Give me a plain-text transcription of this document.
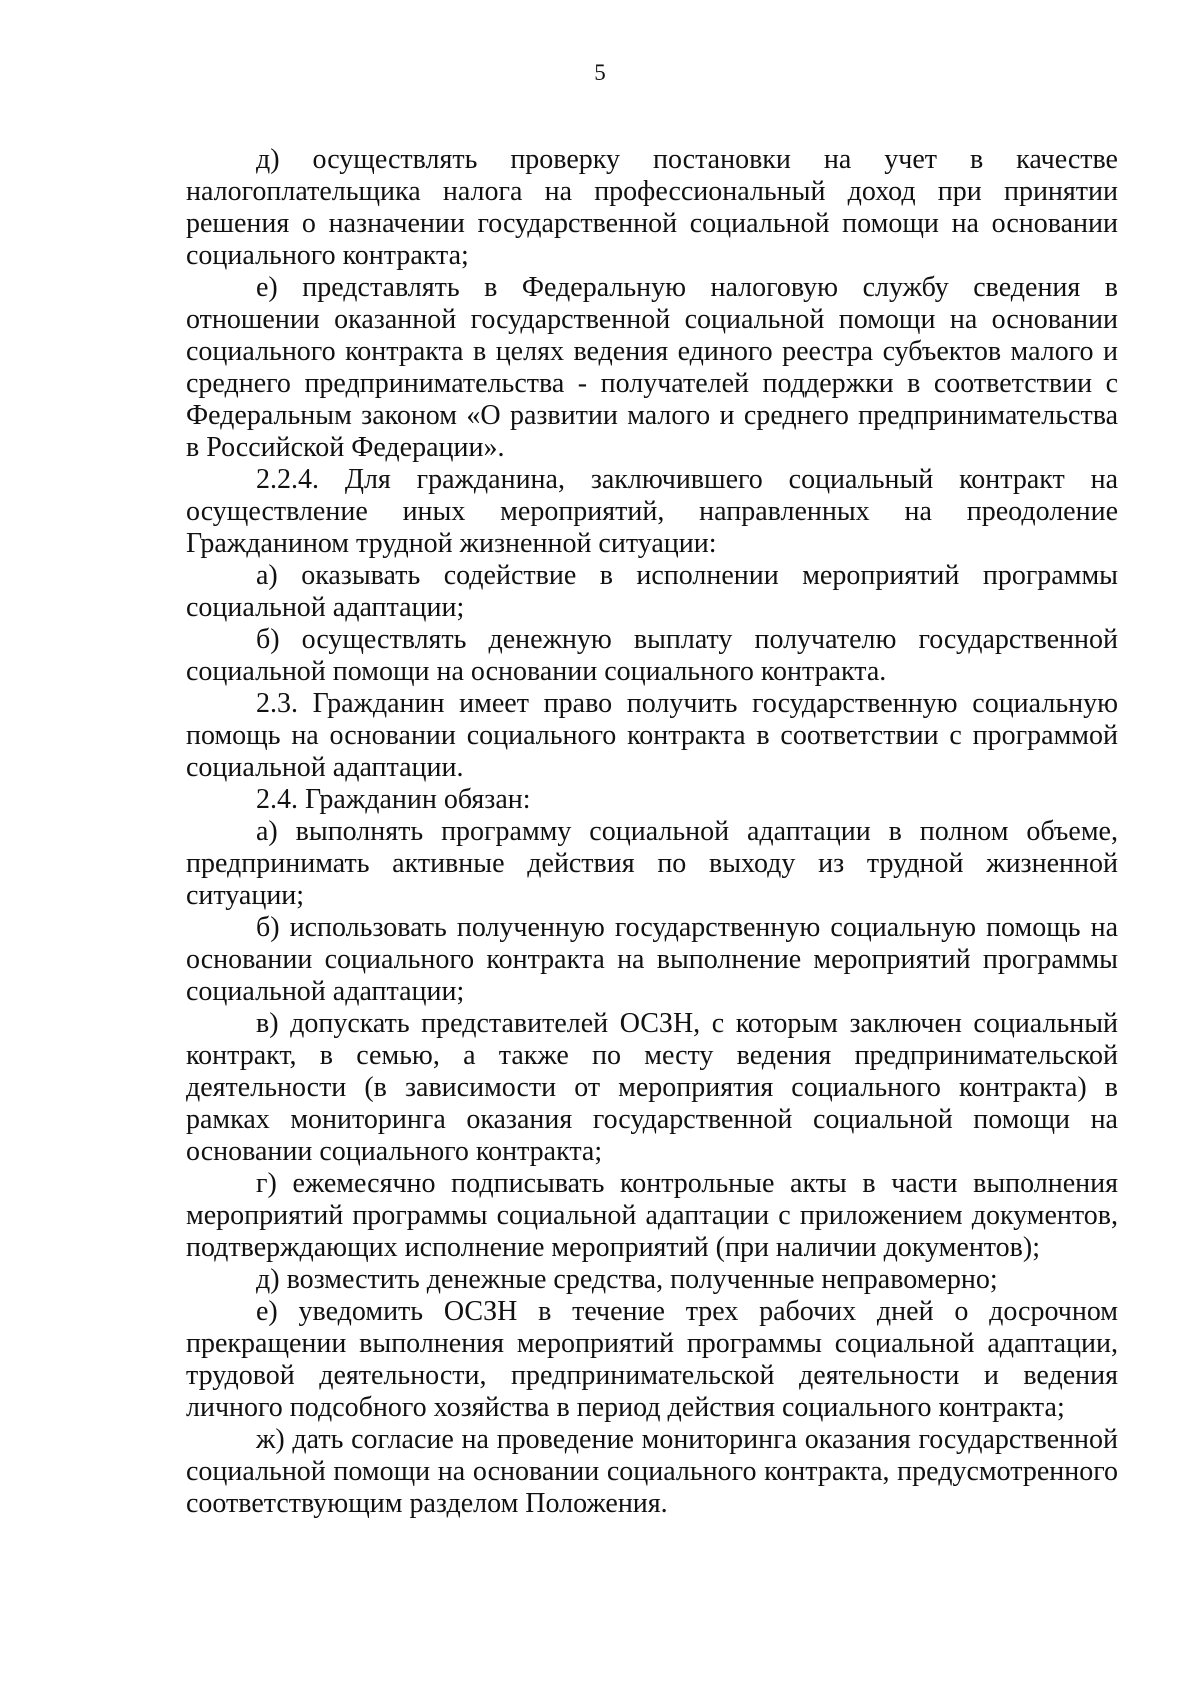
5

д) осуществлять проверку постановки на учет в качестве налогоплательщика налога на профессиональный доход при принятии решения о назначении государственной социальной помощи на основании социального контракта;

е) представлять в Федеральную налоговую службу сведения в отношении оказанной государственной социальной помощи на основании социального контракта в целях ведения единого реестра субъектов малого и среднего предпринимательства - получателей поддержки в соответствии с Федеральным законом «О развитии малого и среднего предпринимательства в Российской Федерации».

2.2.4. Для гражданина, заключившего социальный контракт на осуществление иных мероприятий, направленных на преодоление Гражданином трудной жизненной ситуации:

а) оказывать содействие в исполнении мероприятий программы социальной адаптации;

б) осуществлять денежную выплату получателю государственной социальной помощи на основании социального контракта.

2.3. Гражданин имеет право получить государственную социальную помощь на основании социального контракта в соответствии с программой социальной адаптации.

2.4. Гражданин обязан:

а) выполнять программу социальной адаптации в полном объеме, предпринимать активные действия по выходу из трудной жизненной ситуации;

б) использовать полученную государственную социальную помощь на основании социального контракта на выполнение мероприятий программы социальной адаптации;

в) допускать представителей ОСЗН, с которым заключен социальный контракт, в семью, а также по месту ведения предпринимательской деятельности (в зависимости от мероприятия социального контракта) в рамках мониторинга оказания государственной социальной помощи на основании социального контракта;

г) ежемесячно подписывать контрольные акты в части выполнения мероприятий программы социальной адаптации с приложением документов, подтверждающих исполнение мероприятий (при наличии документов);

д) возместить денежные средства, полученные неправомерно;

е) уведомить ОСЗН в течение трех рабочих дней о досрочном прекращении выполнения мероприятий программы социальной адаптации, трудовой деятельности, предпринимательской деятельности и ведения личного подсобного хозяйства в период действия социального контракта;

ж) дать согласие на проведение мониторинга оказания государственной социальной помощи на основании социального контракта, предусмотренного соответствующим разделом Положения.
